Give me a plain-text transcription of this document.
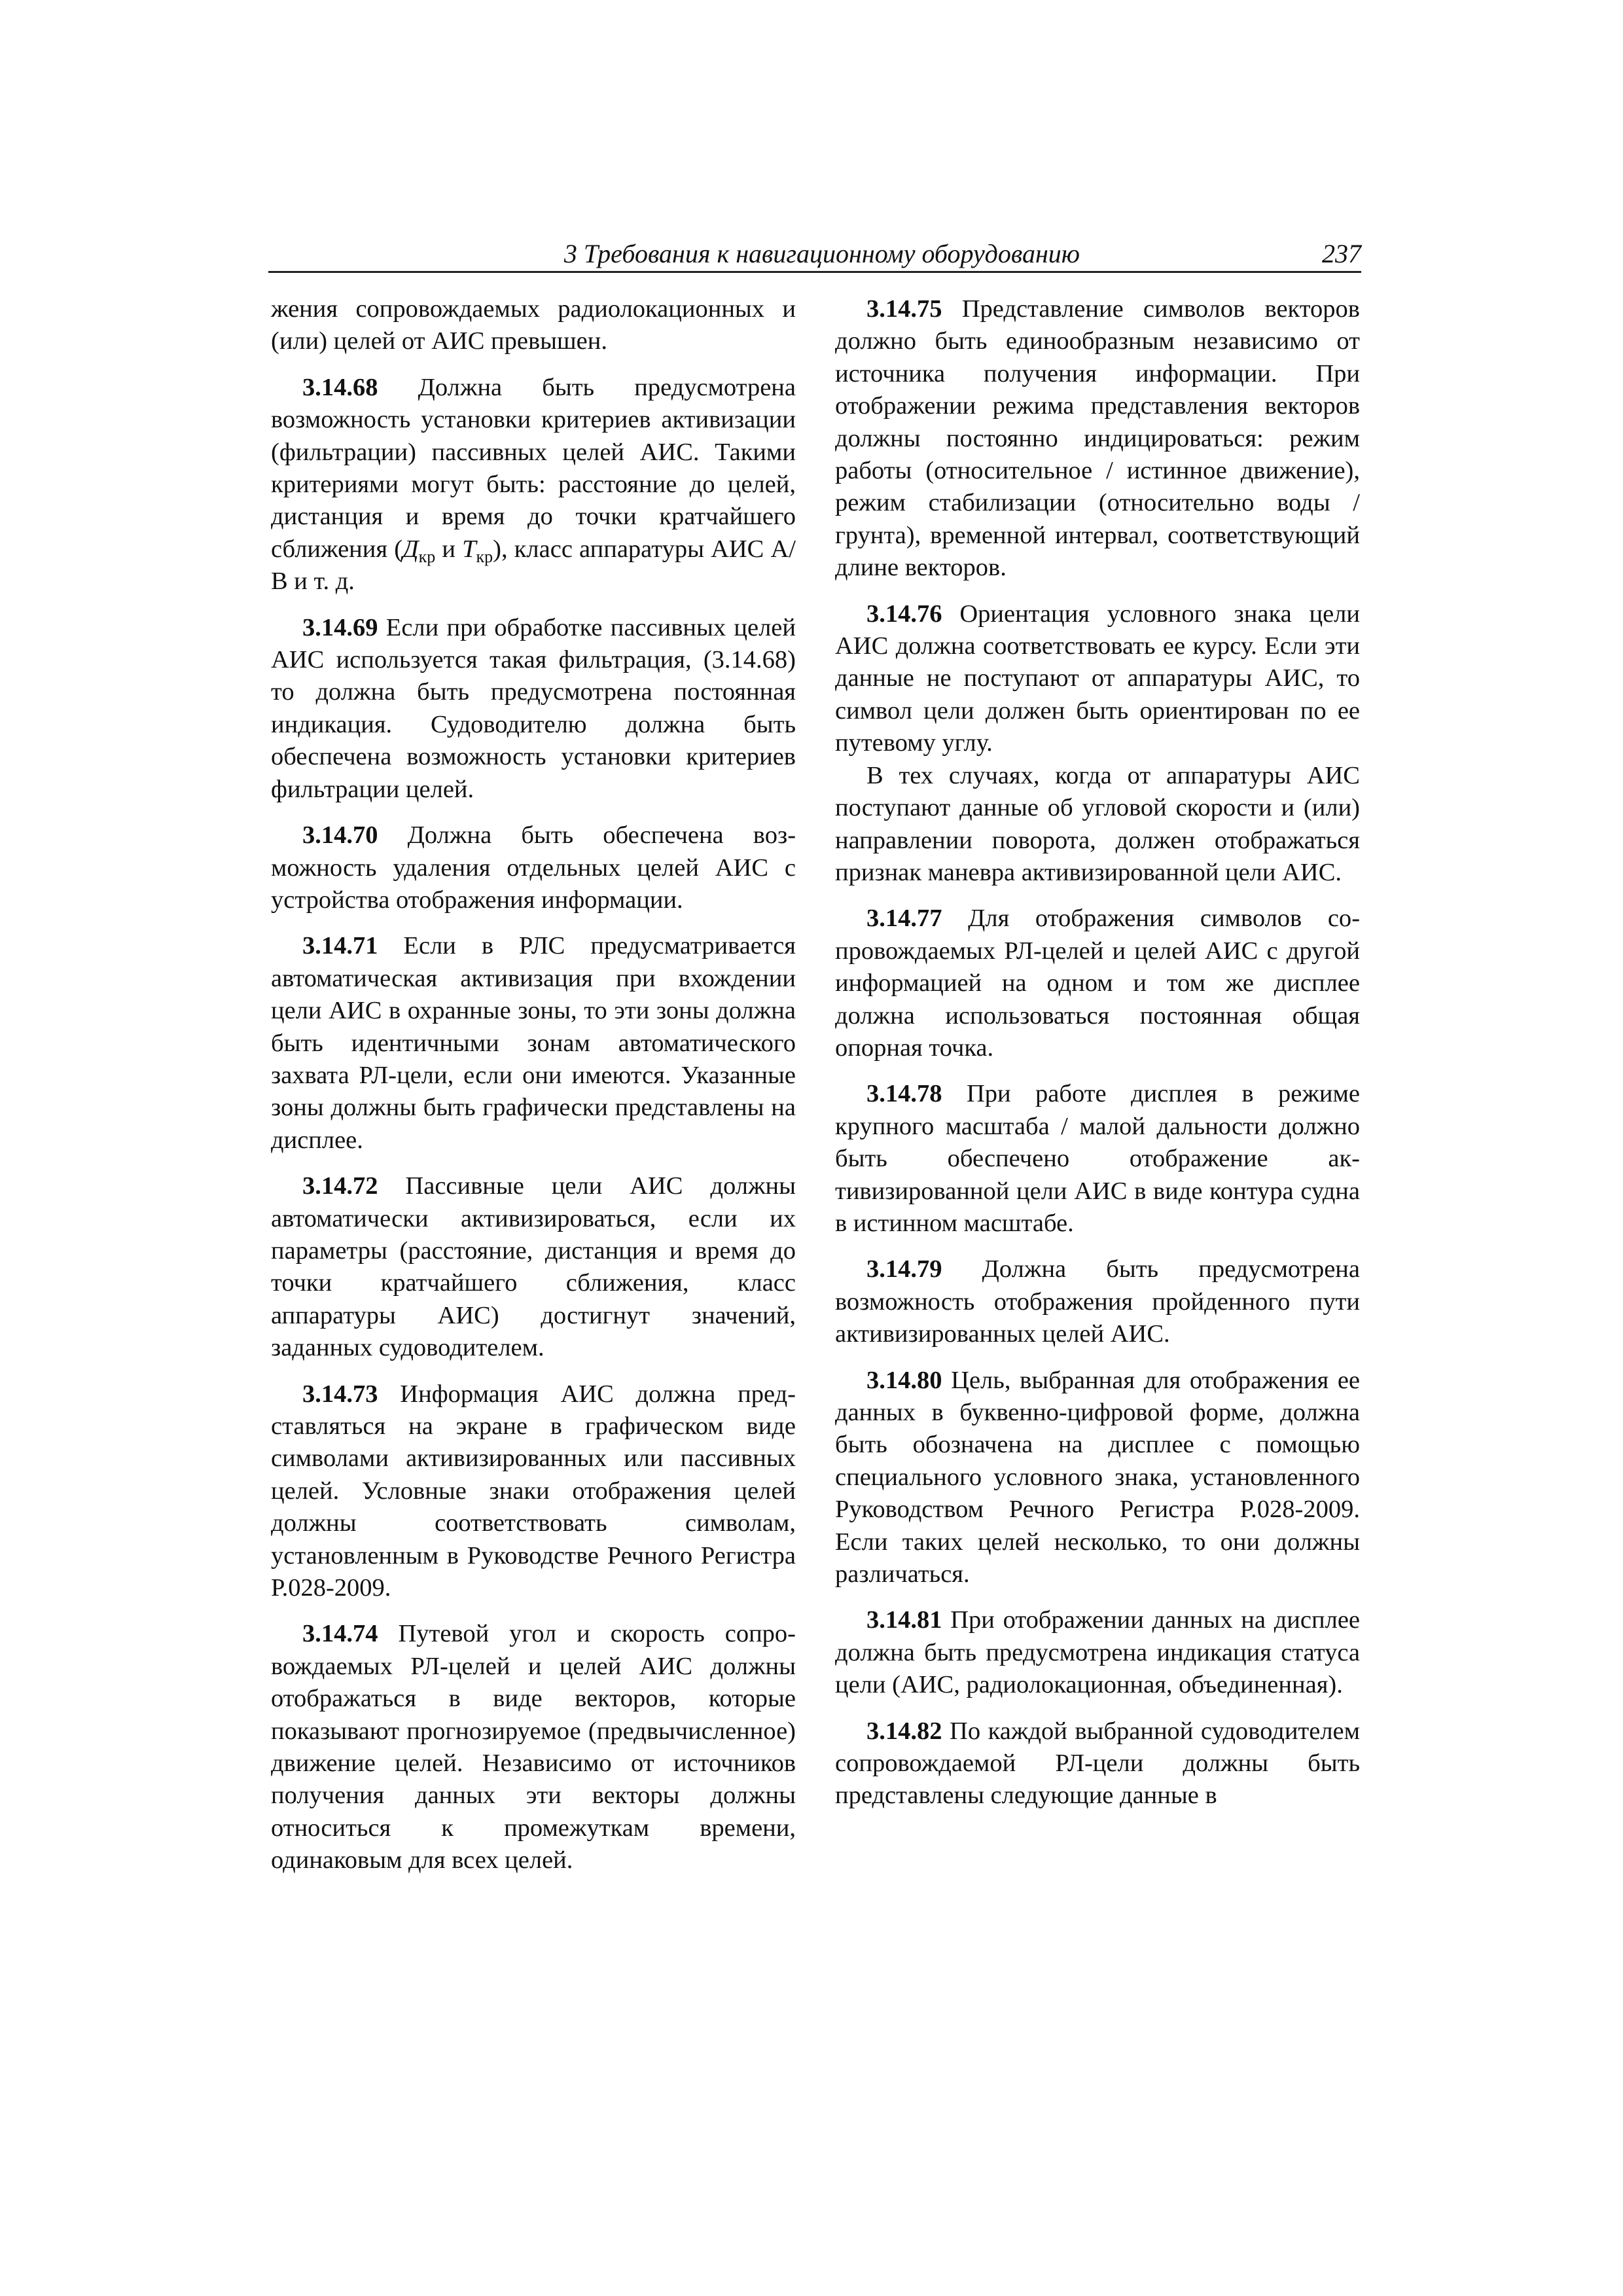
3 Требования к навигационному оборудованию	237

жения сопровождаемых радиолокационных и (или) целей от АИС превышен.

3.14.68 Должна быть предусмотрена возможность установки критериев активизации (фильтрации) пассивных целей АИС. Такими критериями могут быть: расстояние до целей, дистанция и время до точки кратчайшего сближения ($Д_{кр}$ и $Т_{кр}$), класс аппаратуры АИС А/В и т. д.

3.14.69 Если при обработке пассивных целей АИС используется такая фильтрация, (3.14.68) то должна быть предусмотрена постоянная индикация. Судоводителю должна быть обеспечена возможность установки критериев фильтрации целей.

3.14.70 Должна быть обеспечена возможность удаления отдельных целей АИС с устройства отображения информации.

3.14.71 Если в РЛС предусматривается автоматическая активизация при вхождении цели АИС в охранные зоны, то эти зоны должна быть идентичными зонам автоматического захвата РЛ-цели, если они имеются. Указанные зоны должны быть графически представлены на дисплее.

3.14.72 Пассивные цели АИС должны автоматически активизироваться, если их параметры (расстояние, дистанция и время до точки кратчайшего сближения, класс аппаратуры АИС) достигнут значений, заданных судоводителем.

3.14.73 Информация АИС должна представляться на экране в графическом виде символами активизированных или пассивных целей. Условные знаки отображения целей должны соответствовать символам, установленным в Руководстве Речного Регистра Р.028-2009.

3.14.74 Путевой угол и скорость сопровождаемых РЛ-целей и целей АИС должны отображаться в виде векторов, которые показывают прогнозируемое (предвычисленное) движение целей. Независимо от источников получения данных эти векторы должны относиться к промежуткам времени, одинаковым для всех целей.

3.14.75 Представление символов векторов должно быть единообразным независимо от источника получения информации. При отображении режима представления векторов должны постоянно индицироваться: режим работы (относительное / истинное движение), режим стабилизации (относительно воды / грунта), временной интервал, соответствующий длине векторов.

3.14.76 Ориентация условного знака цели АИС должна соответствовать ее курсу. Если эти данные не поступают от аппаратуры АИС, то символ цели должен быть ориентирован по ее путевому углу.

В тех случаях, когда от аппаратуры АИС поступают данные об угловой скорости и (или) направлении поворота, должен отображаться признак маневра активизированной цели АИС.

3.14.77 Для отображения символов сопровождаемых РЛ-целей и целей АИС с другой информацией на одном и том же дисплее должна использоваться постоянная общая опорная точка.

3.14.78 При работе дисплея в режиме крупного масштаба / малой дальности должно быть обеспечено отображение активизированной цели АИС в виде контура судна в истинном масштабе.

3.14.79 Должна быть предусмотрена возможность отображения пройденного пути активизированных целей АИС.

3.14.80 Цель, выбранная для отображения ее данных в буквенно-цифровой форме, должна быть обозначена на дисплее с помощью специального условного знака, установленного Руководством Речного Регистра Р.028-2009. Если таких целей несколько, то они должны различаться.

3.14.81 При отображении данных на дисплее должна быть предусмотрена индикация статуса цели (АИС, радиолокационная, объединенная).

3.14.82 По каждой выбранной судоводителем сопровождаемой РЛ-цели должны быть представлены следующие данные в
